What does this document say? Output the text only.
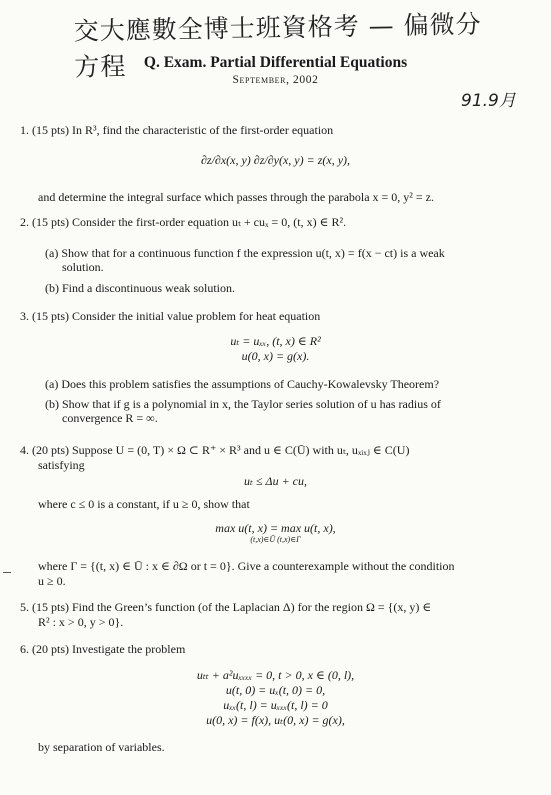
交大應數全博士班資格考 — 偏微分方程	Q. Exam. Partial Differential Equations
September, 2002
91.9月
1. (15 pts) In R³, find the characteristic of the first-order equation
∂z/∂x(x, y) ∂z/∂y(x, y) = z(x, y),
and determine the integral surface which passes through the parabola x = 0, y² = z.
2. (15 pts) Consider the first-order equation uₜ + cuₓ = 0, (t, x) ∈ R².
(a) Show that for a continuous function f the expression u(t, x) = f(x − ct) is a weak
solution.
(b) Find a discontinuous weak solution.
3. (15 pts) Consider the initial value problem for heat equation
uₜ = uₓₓ, (t, x) ∈ R²
u(0, x) = g(x).
(a) Does this problem satisfies the assumptions of Cauchy-Kowalevsky Theorem?
(b) Show that if g is a polynomial in x, the Taylor series solution of u has radius of
convergence R = ∞.
4. (20 pts) Suppose U = (0, T) × Ω ⊂ R⁺ × R³ and u ∈ C(Ū) with uₜ, uₓᵢₓⱼ ∈ C(U)
satisfying
uₜ ≤ Δu + cu,
where c ≤ 0 is a constant, if u ≥ 0, show that
max u(t, x) = max u(t, x),
(t,x)∈Ū (t,x)∈Γ
where Γ = {(t, x) ∈ Ū : x ∈ ∂Ω or t = 0}. Give a counterexample without the condition
u ≥ 0.
5. (15 pts) Find the Green’s function (of the Laplacian Δ) for the region Ω = {(x, y) ∈
R² : x > 0, y > 0}.
6. (20 pts) Investigate the problem
uₜₜ + a²uₓₓₓₓ = 0, t > 0, x ∈ (0, l),
u(t, 0) = uₓ(t, 0) = 0,
uₓₓ(t, l) = uₓₓₓ(t, l) = 0
u(0, x) = f(x), uₜ(0, x) = g(x),
by separation of variables.
